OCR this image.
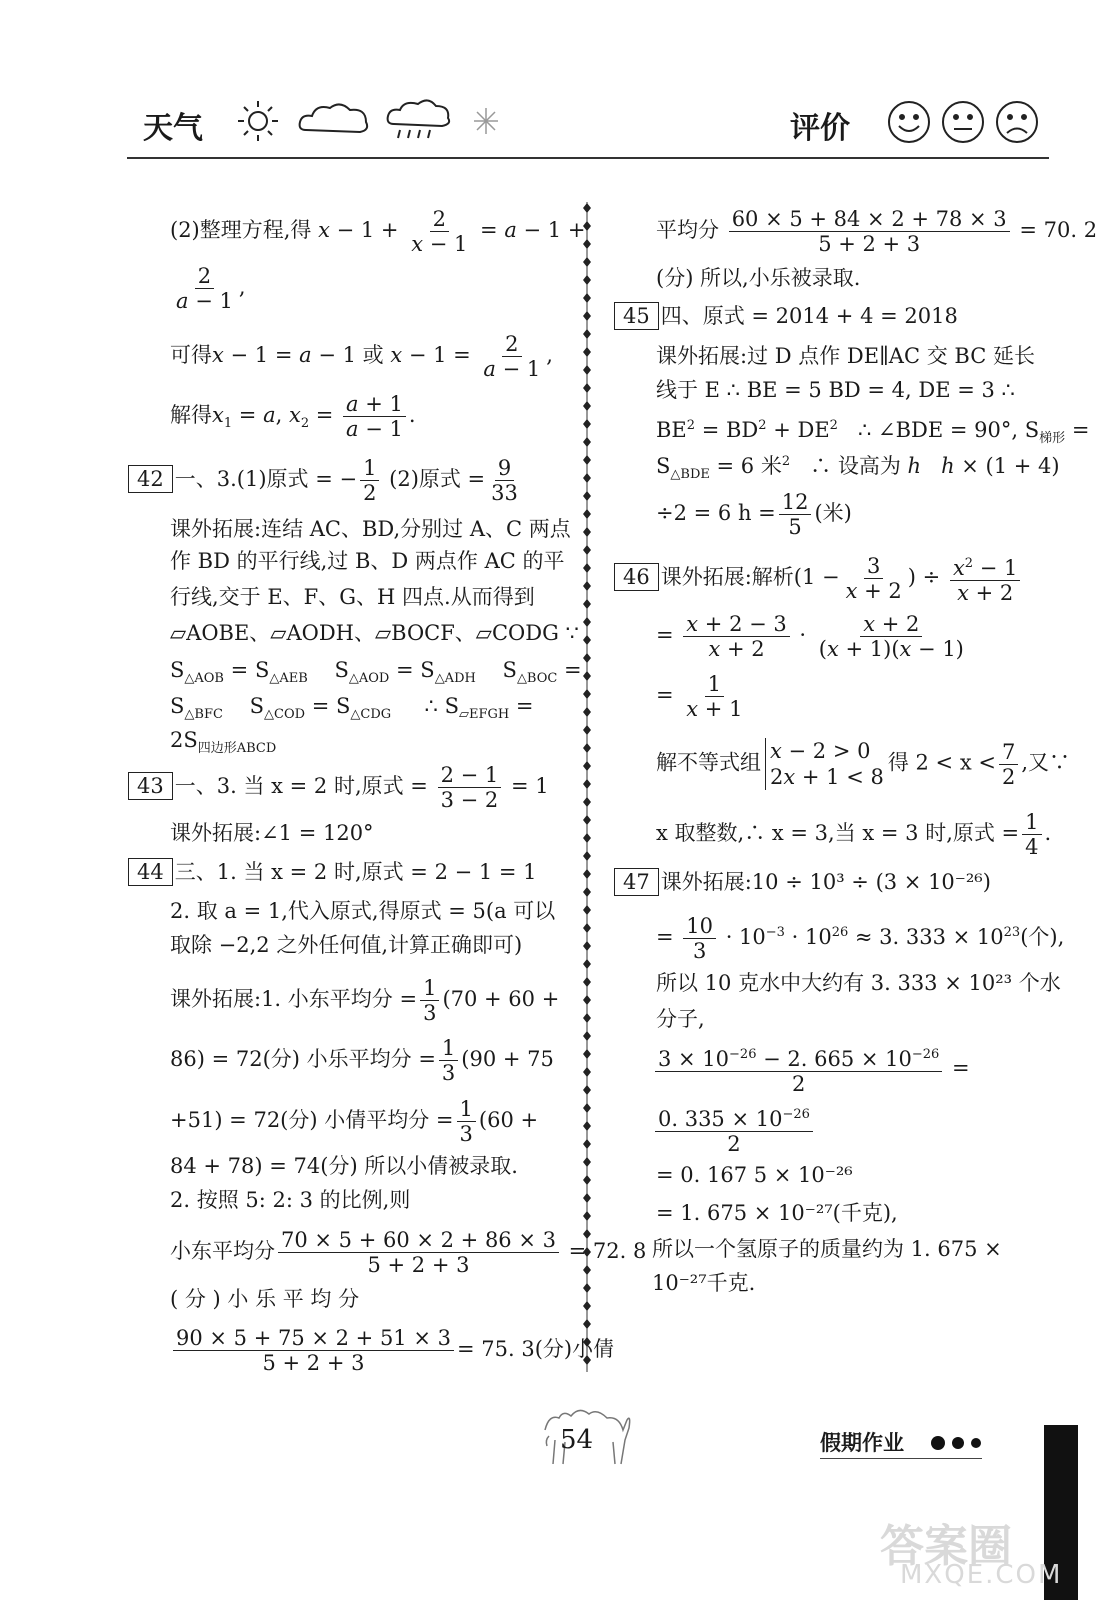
天气	评价
(2)整理方程,得 $x - 1 + \frac{2}{x - 1} = a - 1$ +
$\frac{2}{a - 1}$ ,
可得x − 1 = a − 1 或 $x - 1 = \frac{2}{a - 1}$ ,
解得$x_1 = a$, $x_2 = \frac{a + 1}{a - 1}$ .
42 一、3.(1)原式 = − $\frac{1}{2} (2)$原式 = $\frac{9}{33}$
课外拓展:连结 AC、BD,分别过 A、C 两点
作 BD 的平行线,过 B、D 两点作 AC 的平
行线,交于 E、F、G、H 四点.从而得到
▱AOBE、▱AODH、▱BOCF、▱CODG ∵
$S_{\triangle AOB} = S_{\triangle AEB}$    $S_{\triangle AOD} = S_{\triangle ADH}$    $S_{\triangle BOC}$ =
$S_{\triangle BFC}$    $S_{\triangle COD} = S_{\triangle CDG}$     ∴ $S_{▱EFGH}$ =
$2S_{四边形ABCD}$
43 一、3. 当 x = 2 时,原式 = $\frac{2 - 1}{3 - 2} = 1$
课外拓展:∠1 = 120°
44 三、1. 当 x = 2 时,原式 = 2 − 1 = 1
2. 取 a = 1,代入原式,得原式 = 5(a 可以
取除 −2,2 之外任何值,计算正确即可)
课外拓展:1. 小东平均分 = $\frac{1}{3} (70 + 60$ +
86) = 72(分) 小乐平均分 = $\frac{1}{3} (90 + 75$
+51) = 72(分) 小倩平均分 = $\frac{1}{3} (60$ +
84 + 78) = 74(分) 所以小倩被录取.
2. 按照 5: 2: 3 的比例,则
小东平均分 $\frac{70 \times 5 + 60 \times 2 + 86 \times 3}{5 + 2 + 3} = 72$. 8
( 分 ) 小 乐 平 均 分
$\frac{90 \times 5 + 75 \times 2 + 51 \times 3}{5 + 2 + 3} = 75$. 3(分)小倩
平均分 $\frac{60 \times 5 + 84 \times 2 + 78 \times 3}{5 + 2 + 3} = 70$. 2
(分) 所以,小乐被录取.
45 四、原式 = 2014 + 4 = 2018
课外拓展:过 D 点作 DE∥AC 交 BC 延长
线于 E ∴ BE = 5 BD = 4, DE = 3 ∴
$BE^2 = BD^2 + DE^2$   ∴ ∠BDE = 90°, $S_{梯形}$ =
$S_{\triangle BDE} = 6$ 米$^2$   ∴ 设高为 h h × (1 + 4)
÷2 = 6 $h = \frac{12}{5}$ (米)
46 课外拓展:解析($1 - \frac{3}{x + 2}$ ) ÷ $\frac{x^2 - 1}{x + 2}$
= $\frac{x + 2 - 3}{x + 2} \cdot \frac{x + 2}{(x + 1)(x - 1)}$
= $\frac{1}{x + 1}$
解不等式组 x − 2 > 0
2x + 1 < 8
得 $2 < x < \frac{7}{2}$ ,又∵
x 取整数,∴ x = 3,当 x = 3 时,原式 = $\frac{1}{4}$ .
47 课外拓展:10 ÷ 10³ ÷ (3 × 10⁻²⁶)
= $\frac{10}{3} \cdot 10^{-3} \cdot 10^{26} \approx 3$. $333 \times 10^{23}$(个),
所以 10 克水中大约有 3. 333 × 10²³ 个水
分子,
$\frac{3 \times 10^{-26} - 2. 665 \times 10^{-26}}{2}$ =
$\frac{0. 335 \times 10^{-26}}{2}$
= 0. 167 5 × 10⁻²⁶
= 1. 675 × 10⁻²⁷(千克),
所以一个氢原子的质量约为 1. 675 ×
10⁻²⁷千克.
54	假期作业
答案圈
MXQE.COM
